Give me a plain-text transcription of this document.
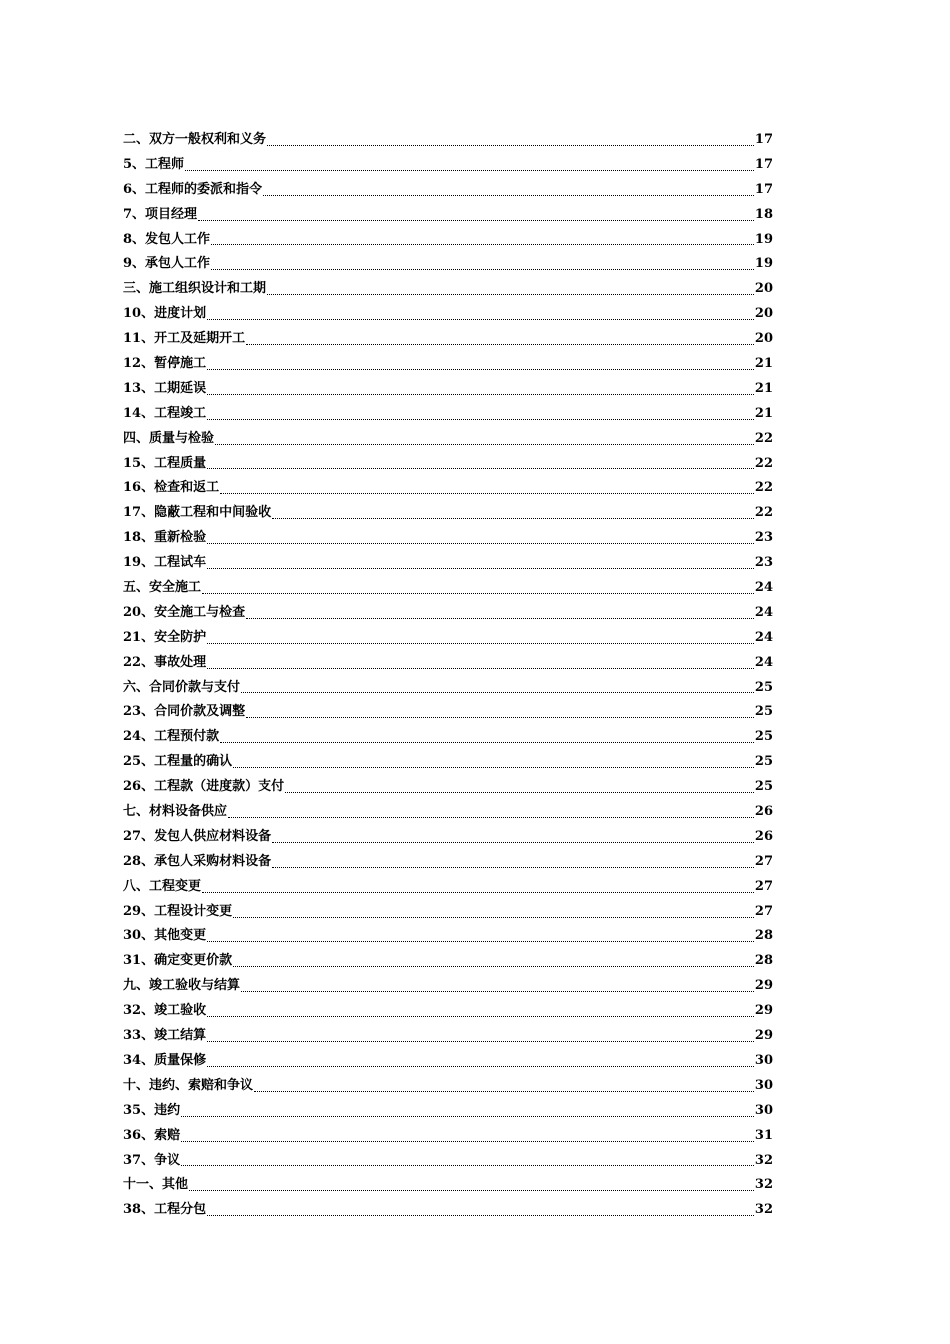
二、双方一般权利和义务	17
5、工程师	17
6、工程师的委派和指令	17
7、项目经理	18
8、发包人工作	19
9、承包人工作	19
三、施工组织设计和工期	20
10、进度计划	20
11、开工及延期开工	20
12、暂停施工	21
13、工期延误	21
14、工程竣工	21
四、质量与检验	22
15、工程质量	22
16、检查和返工	22
17、隐蔽工程和中间验收	22
18、重新检验	23
19、工程试车	23
五、安全施工	24
20、安全施工与检查	24
21、安全防护	24
22、事故处理	24
六、合同价款与支付	25
23、合同价款及调整	25
24、工程预付款	25
25、工程量的确认	25
26、工程款（进度款）支付	25
七、材料设备供应	26
27、发包人供应材料设备	26
28、承包人采购材料设备	27
八、工程变更	27
29、工程设计变更	27
30、其他变更	28
31、确定变更价款	28
九、竣工验收与结算	29
32、竣工验收	29
33、竣工结算	29
34、质量保修	30
十、违约、索赔和争议	30
35、违约	30
36、索赔	31
37、争议	32
十一、其他	32
38、工程分包	32
